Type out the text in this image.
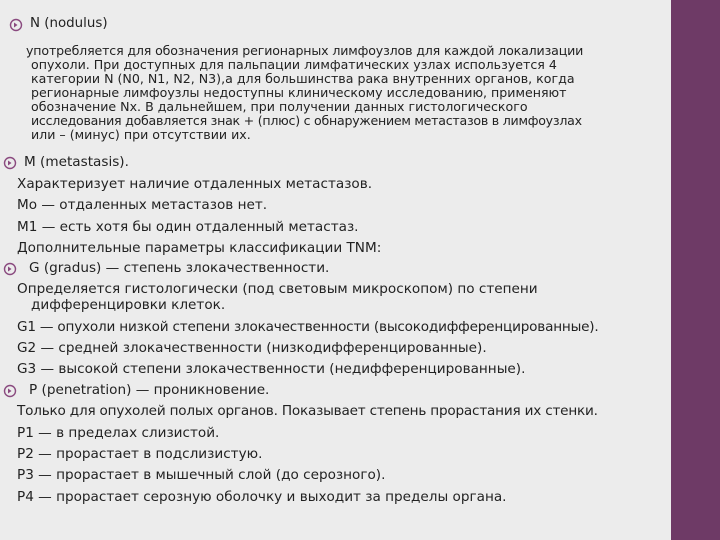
N (nodulus)
употребляется для обозначения регионарных лимфоузлов для каждой локализации
опухоли. При доступных для пальпации лимфатических узлах используется 4
категории N (N0, N1, N2, N3),а для большинства рака внутренних органов, когда
регионарные лимфоузлы недоступны клиническому исследованию, применяют
обозначение Nx. В дальнейшем, при получении данных гистологического
исследования добавляется знак + (плюс) с обнаружением метастазов в лимфоузлах
или – (минус) при отсутствии их.
M (metastasis).
Характеризует наличие отдаленных метастазов.
Mo — отдаленных метастазов нет.
M1 — есть хотя бы один отдаленный метастаз.
Дополнительные параметры классификации TNM:
G (gradus) — степень злокачественности.
Определяется гистологически (под световым микроскопом) по степени
дифференцировки клеток.
G1 — опухоли низкой степени злокачественности (высокодифференцированные).
G2 — средней злокачественности (низкодифференцированные).
G3 — высокой степени злокачественности (недифференцированные).
P (penetration) — проникновение.
Только для опухолей полых органов. Показывает степень прорастания их стенки.
P1 — в пределах слизистой.
P2 — прорастает в подслизистую.
P3 — прорастает в мышечный слой (до серозного).
P4 — прорастает серозную оболочку и выходит за пределы органа.
